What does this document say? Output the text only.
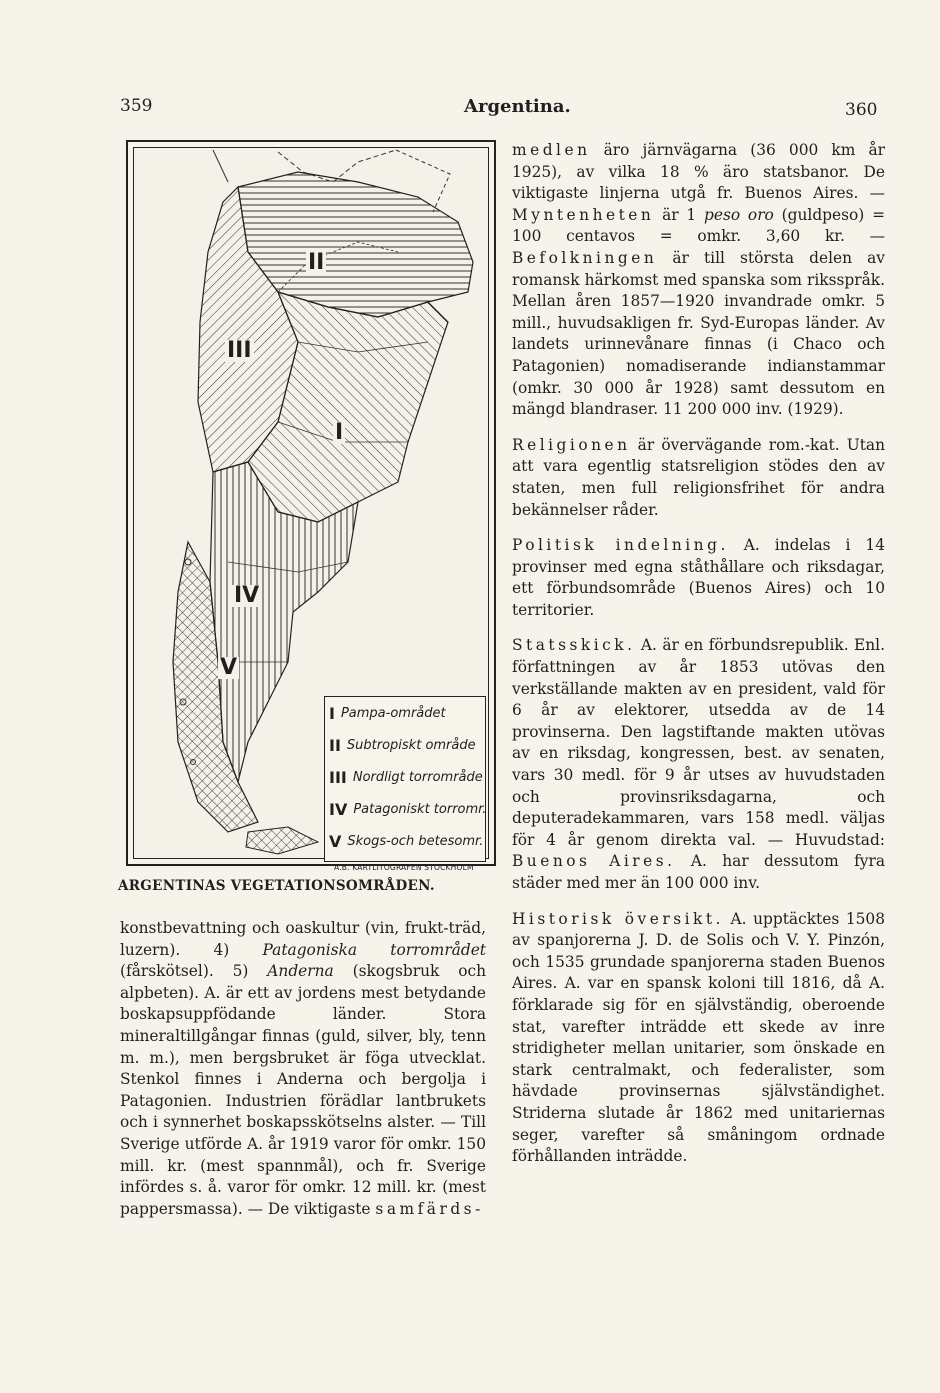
359	Argentina.	360
II
III
I
IV
V
I Pampa-området
II Subtropiskt område
III Nordligt torrområde
IV Patagoniskt torromr.
V Skogs-och betesomr.
A.B. KARTLITOGRAFEN STOCKHOLM
ARGENTINAS VEGETATIONSOMRÅDEN.

konstbevattning och oaskultur (vin, frukt-träd, luzern). 4) Patagoniska torrområdet (fårskötsel). 5) Anderna (skogsbruk och alpbeten). A. är ett av jordens mest betydande boskapsuppfödande länder. Stora mineraltillgångar finnas (guld, silver, bly, tenn m. m.), men bergsbruket är föga utvecklat. Stenkol finnes i Anderna och bergolja i Patagonien. Industrien förädlar lantbrukets och i synnerhet boskapsskötselns alster. — Till Sverige utförde A. år 1919 varor för omkr. 150 mill. kr. (mest spannmål), och fr. Sverige infördes s. å. varor för omkr. 12 mill. kr. (mest pappersmassa). — De viktigaste samfärds-

medlen äro järnvägarna (36 000 km år 1925), av vilka 18 % äro statsbanor. De viktigaste linjerna utgå fr. Buenos Aires. — Myntenheten är 1 peso oro (guldpeso) = 100 centavos = omkr. 3,60 kr. — Befolkningen är till största delen av romansk härkomst med spanska som riksspråk. Mellan åren 1857—1920 invandrade omkr. 5 mill., huvudsakligen fr. Syd-Europas länder. Av landets urinnevånare finnas (i Chaco och Patagonien) nomadiserande indianstammar (omkr. 30 000 år 1928) samt dessutom en mängd blandraser. 11 200 000 inv. (1929).

Religionen är övervägande rom.-kat. Utan att vara egentlig statsreligion stödes den av staten, men full religionsfrihet för andra bekännelser råder.

Politisk indelning. A. indelas i 14 provinser med egna ståthållare och riksdagar, ett förbundsområde (Buenos Aires) och 10 territorier.

Statsskick. A. är en förbundsrepublik. Enl. författningen av år 1853 utövas den verkställande makten av en president, vald för 6 år av elektorer, utsedda av de 14 provinserna. Den lagstiftande makten utövas av en riksdag, kongressen, best. av senaten, vars 30 medl. för 9 år utses av huvudstaden och provinsriksdagarna, och deputeradekammaren, vars 158 medl. väljas för 4 år genom direkta val. — Huvudstad: Buenos Aires. A. har dessutom fyra städer med mer än 100 000 inv.

Historisk översikt. A. upptäcktes 1508 av spanjorerna J. D. de Solis och V. Y. Pinzón, och 1535 grundade spanjorerna staden Buenos Aires. A. var en spansk koloni till 1816, då A. förklarade sig för en självständig, oberoende stat, varefter inträdde ett skede av inre stridigheter mellan unitarier, som önskade en stark centralmakt, och federalister, som hävdade provinsernas självständighet. Striderna slutade år 1862 med unitariernas seger, varefter så småningom ordnade förhållanden inträdde.
